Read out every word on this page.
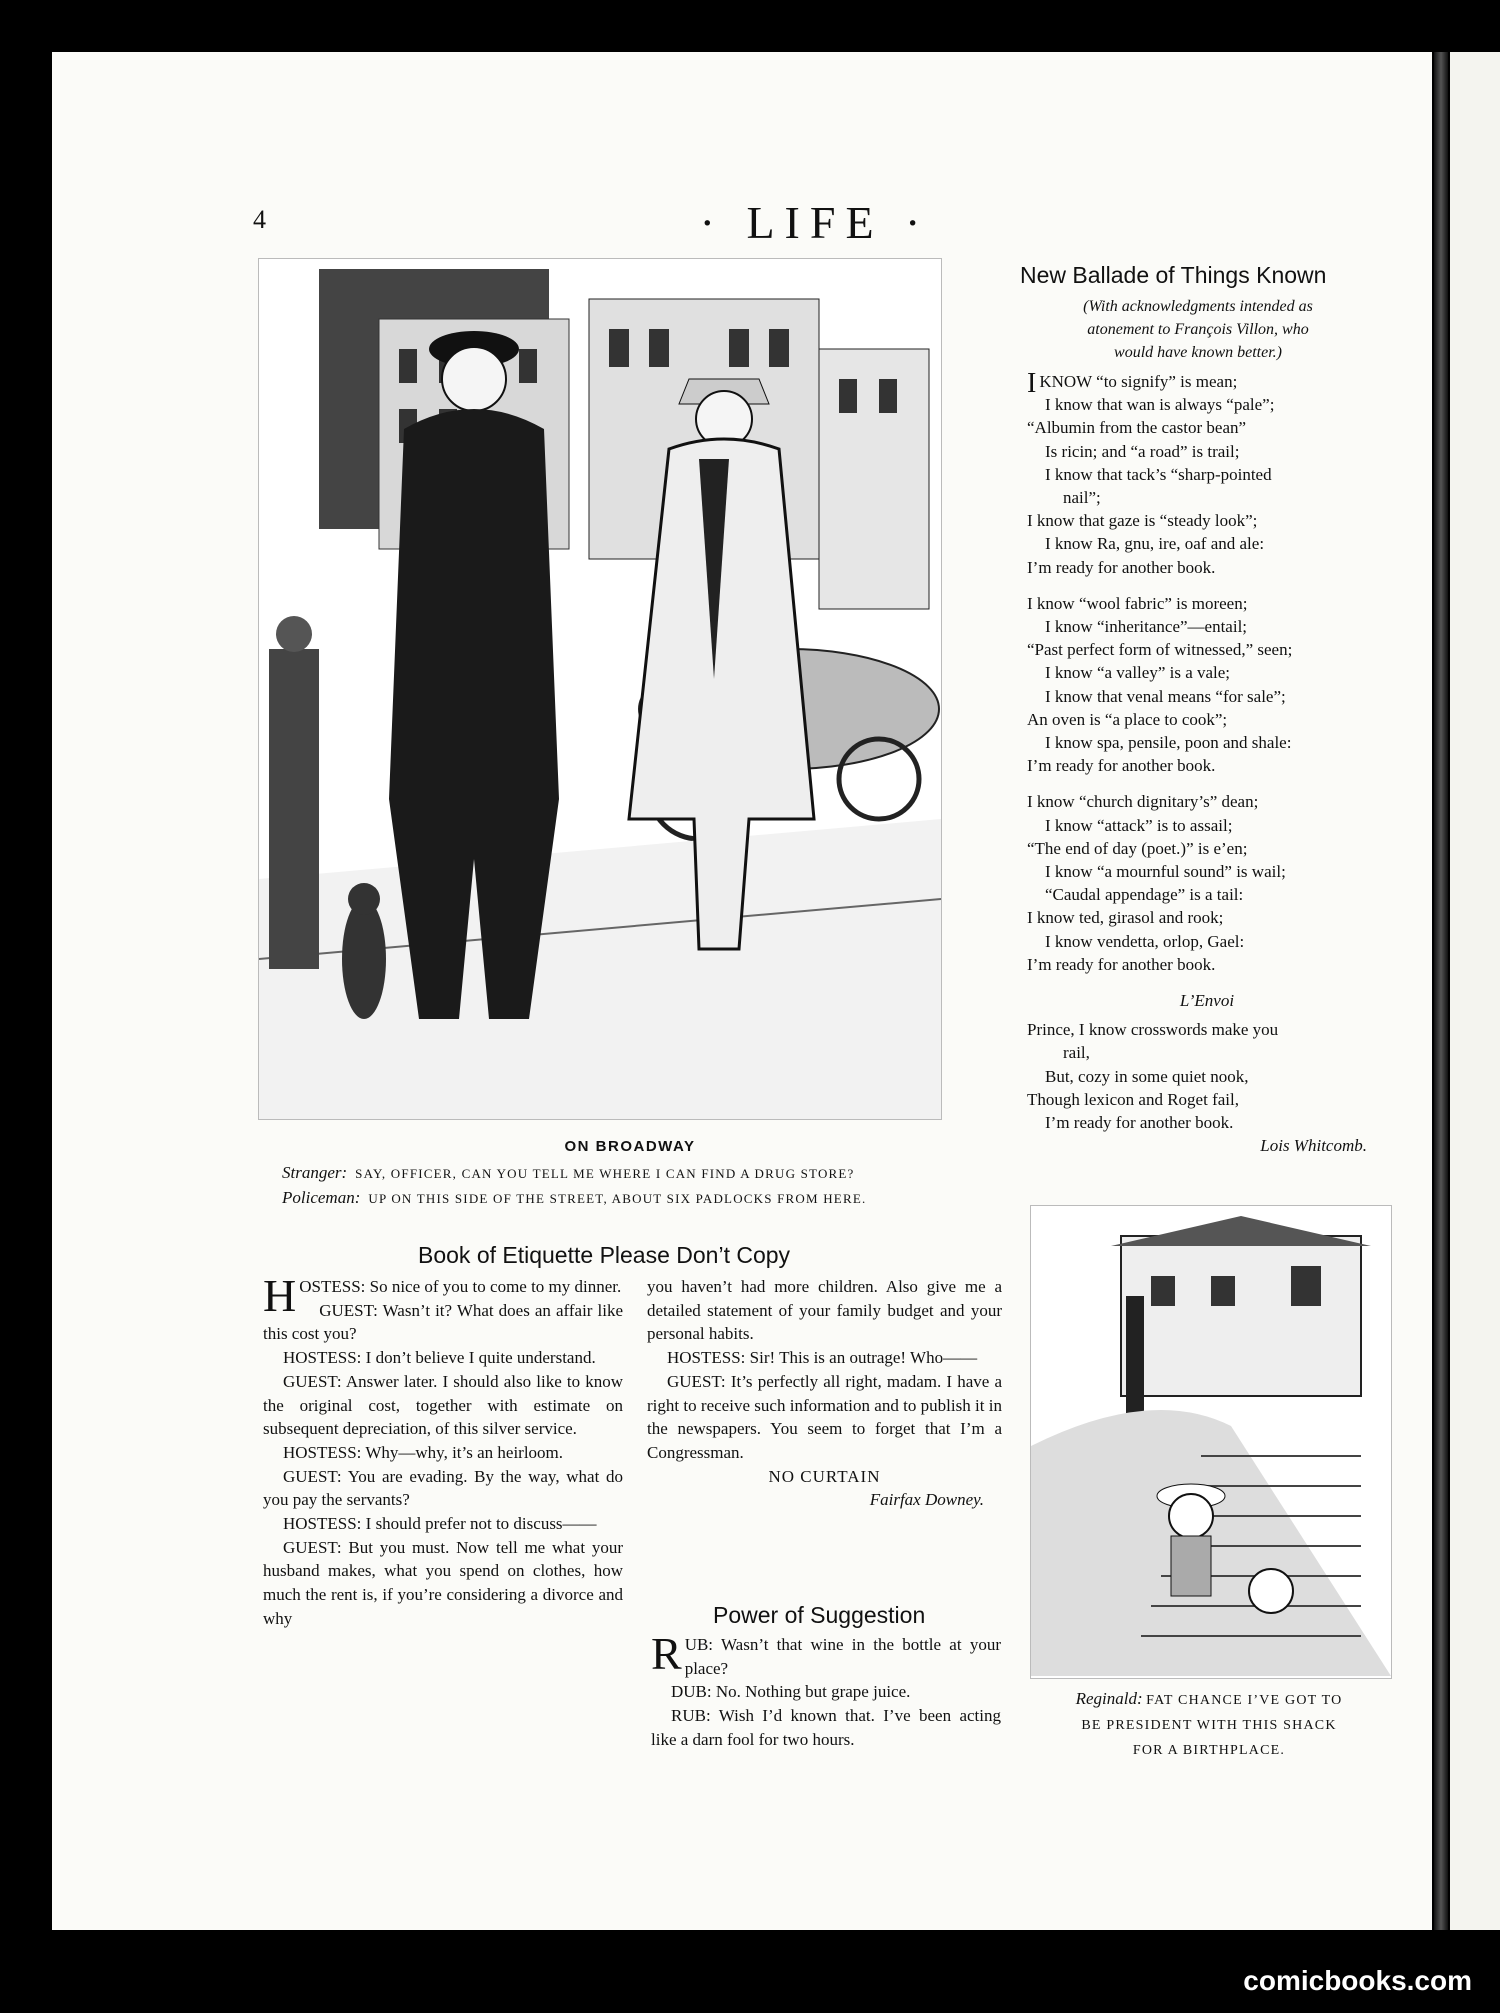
4	· LIFE ·
ON BROADWAY
Stranger: SAY, OFFICER, CAN YOU TELL ME WHERE I CAN FIND A DRUG STORE?
Policeman: UP ON THIS SIDE OF THE STREET, ABOUT SIX PADLOCKS FROM HERE.
New Ballade of Things Known
(With acknowledgments intended as
atonement to François Villon, who
would have known better.)

IKNOW “to signify” is mean;

I know that wan is always “pale”;

“Albumin from the castor bean”

Is ricin; and “a road” is trail;

I know that tack’s “sharp-pointed

nail”;

I know that gaze is “steady look”;

I know Ra, gnu, ire, oaf and ale:

I’m ready for another book.

I know “wool fabric” is moreen;

I know “inheritance”—entail;

“Past perfect form of witnessed,” seen;

I know “a valley” is a vale;

I know that venal means “for sale”;

An oven is “a place to cook”;

I know spa, pensile, poon and shale:

I’m ready for another book.

I know “church dignitary’s” dean;

I know “attack” is to assail;

“The end of day (poet.)” is e’en;

I know “a mournful sound” is wail;

“Caudal appendage” is a tail:

I know ted, girasol and rook;

I know vendetta, orlop, Gael:

I’m ready for another book.

L’Envoi

Prince, I know crosswords make you

rail,

But, cozy in some quiet nook,

Though lexicon and Roget fail,

I’m ready for another book.

Lois Whitcomb.

Reginald: FAT CHANCE I’VE GOT TO
BE PRESIDENT WITH THIS SHACK
FOR A BIRTHPLACE.
Book of Etiquette Please Don’t Copy

HOSTESS: So nice of you to come to my dinner.

GUEST: Wasn’t it? What does an affair like this cost you?

HOSTESS: I don’t believe I quite understand.

GUEST: Answer later. I should also like to know the original cost, together with estimate on subsequent depreciation, of this silver service.

HOSTESS: Why—why, it’s an heirloom.

GUEST: You are evading. By the way, what do you pay the servants?

HOSTESS: I should prefer not to discuss——

GUEST: But you must. Now tell me what your husband makes, what you spend on clothes, how much the rent is, if you’re considering a divorce and why

you haven’t had more children. Also give me a detailed statement of your family budget and your personal habits.

HOSTESS: Sir! This is an outrage! Who——

GUEST: It’s perfectly all right, madam. I have a right to receive such information and to publish it in the newspapers. You seem to forget that I’m a Congressman.

NO CURTAIN

Fairfax Downey.

Power of Suggestion

RUB: Wasn’t that wine in the bottle at your place?

DUB: No. Nothing but grape juice.

RUB: Wish I’d known that. I’ve been acting like a darn fool for two hours.

comicbooks.com
